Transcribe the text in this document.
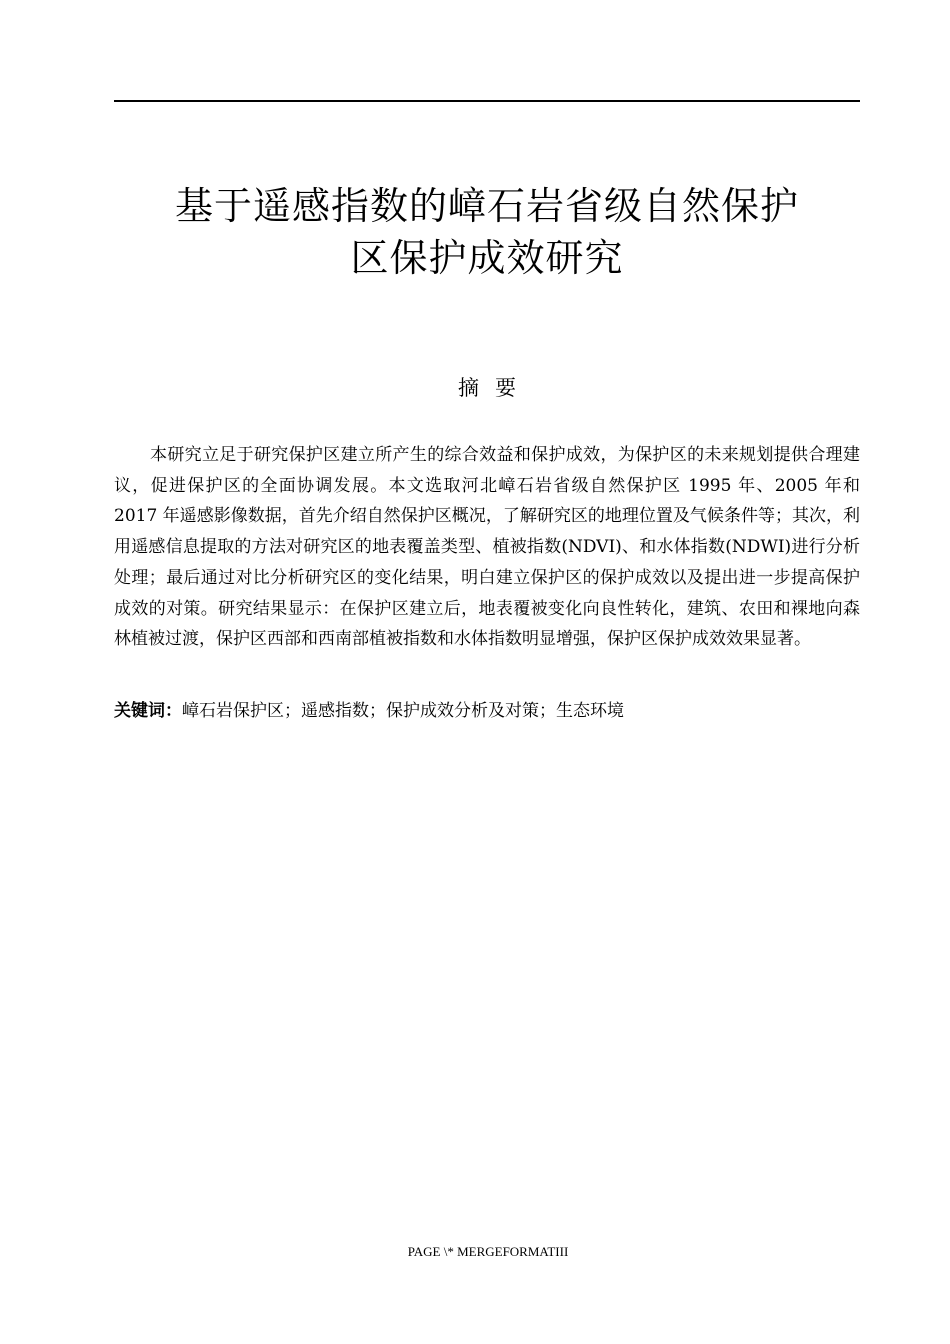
基于遥感指数的嶂石岩省级自然保护
区保护成效研究
摘要

本研究立足于研究保护区建立所产生的综合效益和保护成效，为保护区的未来规划提供合理建议，促进保护区的全面协调发展。本文选取河北嶂石岩省级自然保护区 1995 年、2005 年和 2017 年遥感影像数据，首先介绍自然保护区概况，了解研究区的地理位置及气候条件等；其次，利用遥感信息提取的方法对研究区的地表覆盖类型、植被指数(NDVI)、和水体指数(NDWI)进行分析处理；最后通过对比分析研究区的变化结果，明白建立保护区的保护成效以及提出进一步提高保护成效的对策。研究结果显示：在保护区建立后，地表覆被变化向良性转化，建筑、农田和裸地向森林植被过渡，保护区西部和西南部植被指数和水体指数明显增强，保护区保护成效效果显著。

关键词：嶂石岩保护区；遥感指数；保护成效分析及对策；生态环境

PAGE \* MERGEFORMATIII
